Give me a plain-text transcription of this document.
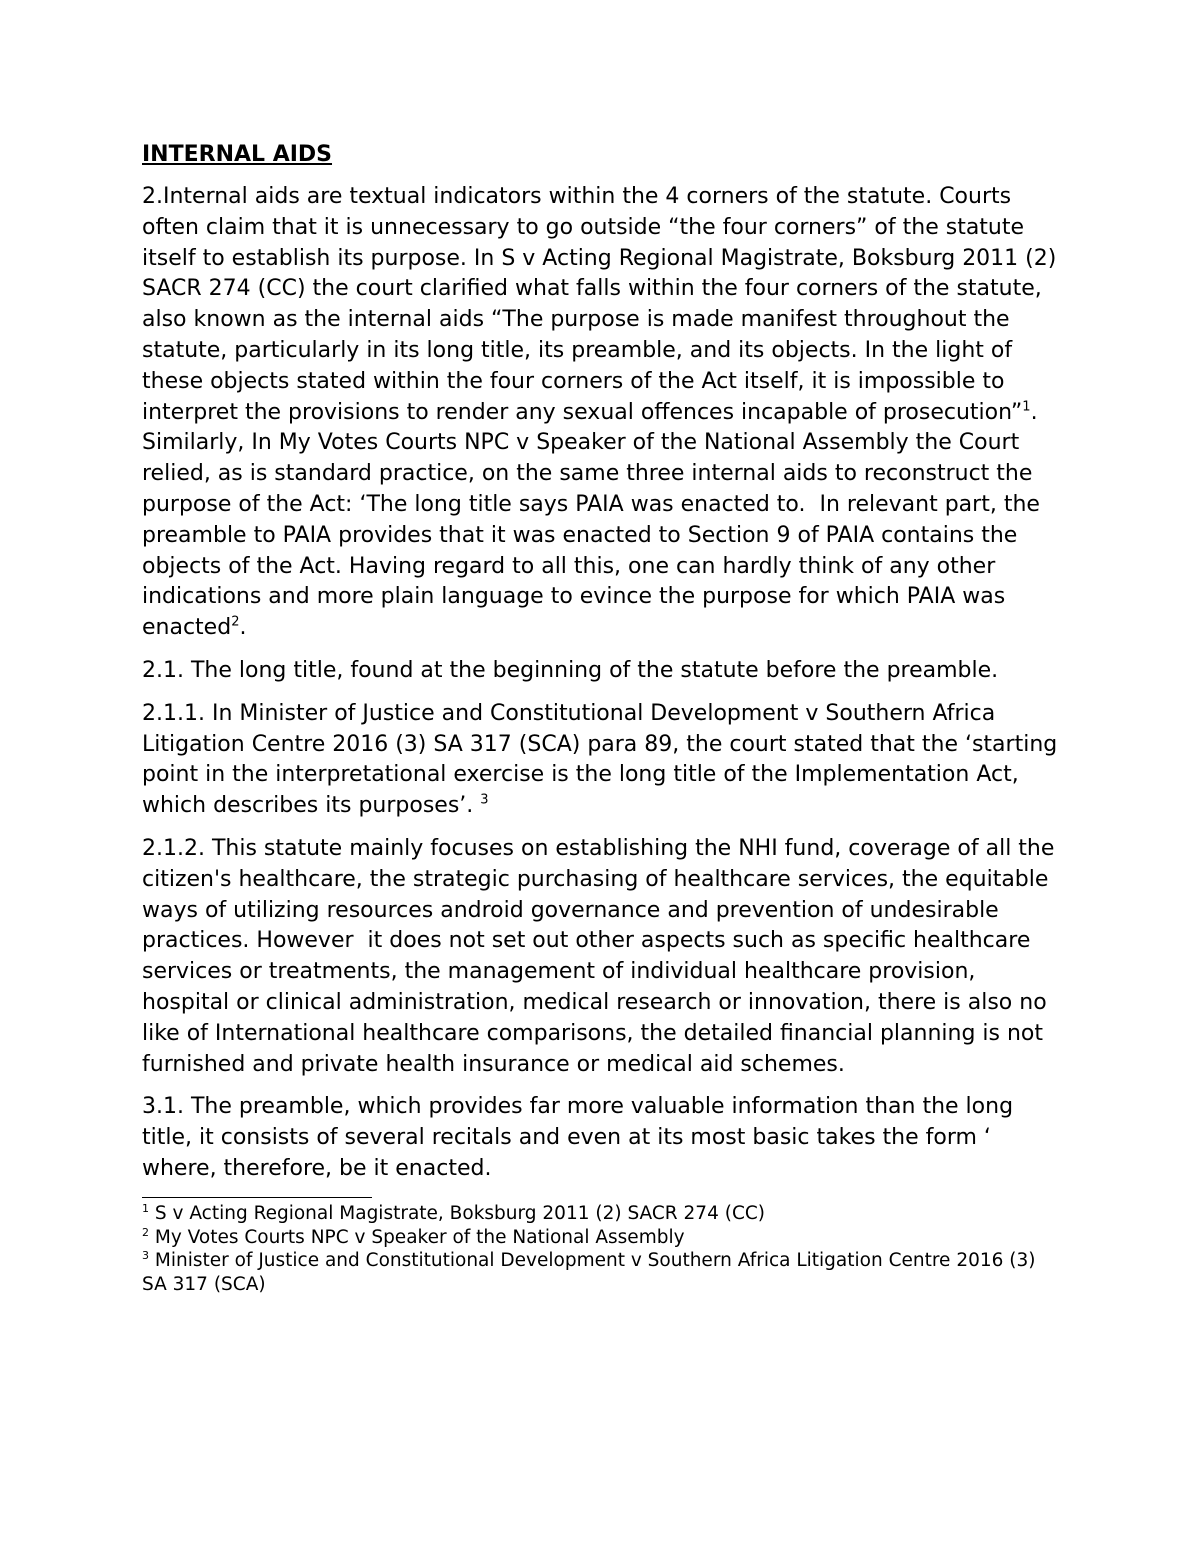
INTERNAL AIDS

2.Internal aids are textual indicators within the 4 corners of the statute. Courts often claim that it is unnecessary to go outside “the four corners” of the statute itself to establish its purpose. In S v Acting Regional Magistrate, Boksburg 2011 (2) SACR 274 (CC) the court clarified what falls within the four corners of the statute, also known as the internal aids “The purpose is made manifest throughout the statute, particularly in its long title, its preamble, and its objects. In the light of these objects stated within the four corners of the Act itself, it is impossible to interpret the provisions to render any sexual offences incapable of prosecution”$^1$. Similarly, In My Votes Courts NPC v Speaker of the National Assembly the Court relied, as is standard practice, on the same three internal aids to reconstruct the purpose of the Act: ‘The long title says PAIA was enacted to.  In relevant part, the preamble to PAIA provides that it was enacted to Section 9 of PAIA contains the objects of the Act. Having regard to all this, one can hardly think of any other indications and more plain language to evince the purpose for which PAIA was enacted$^2$.

2.1. The long title, found at the beginning of the statute before the preamble.

2.1.1. In Minister of Justice and Constitutional Development v Southern Africa Litigation Centre 2016 (3) SA 317 (SCA) para 89, the court stated that the ‘starting point in the interpretational exercise is the long title of the Implementation Act, which describes its purposes’. $^3$

2.1.2. This statute mainly focuses on establishing the NHI fund, coverage of all the citizen's healthcare, the strategic purchasing of healthcare services, the equitable ways of utilizing resources android governance and prevention of undesirable practices. However  it does not set out other aspects such as specific healthcare services or treatments, the management of individual healthcare provision, hospital or clinical administration, medical research or innovation, there is also no like of International healthcare comparisons, the detailed financial planning is not furnished and private health insurance or medical aid schemes.

3.1. The preamble, which provides far more valuable information than the long title, it consists of several recitals and even at its most basic takes the form ‘ where, therefore, be it enacted.

$^1$ S v Acting Regional Magistrate, Boksburg 2011 (2) SACR 274 (CC)

$^2$ My Votes Courts NPC v Speaker of the National Assembly

$^3$ Minister of Justice and Constitutional Development v Southern Africa Litigation Centre 2016 (3) SA 317 (SCA)
